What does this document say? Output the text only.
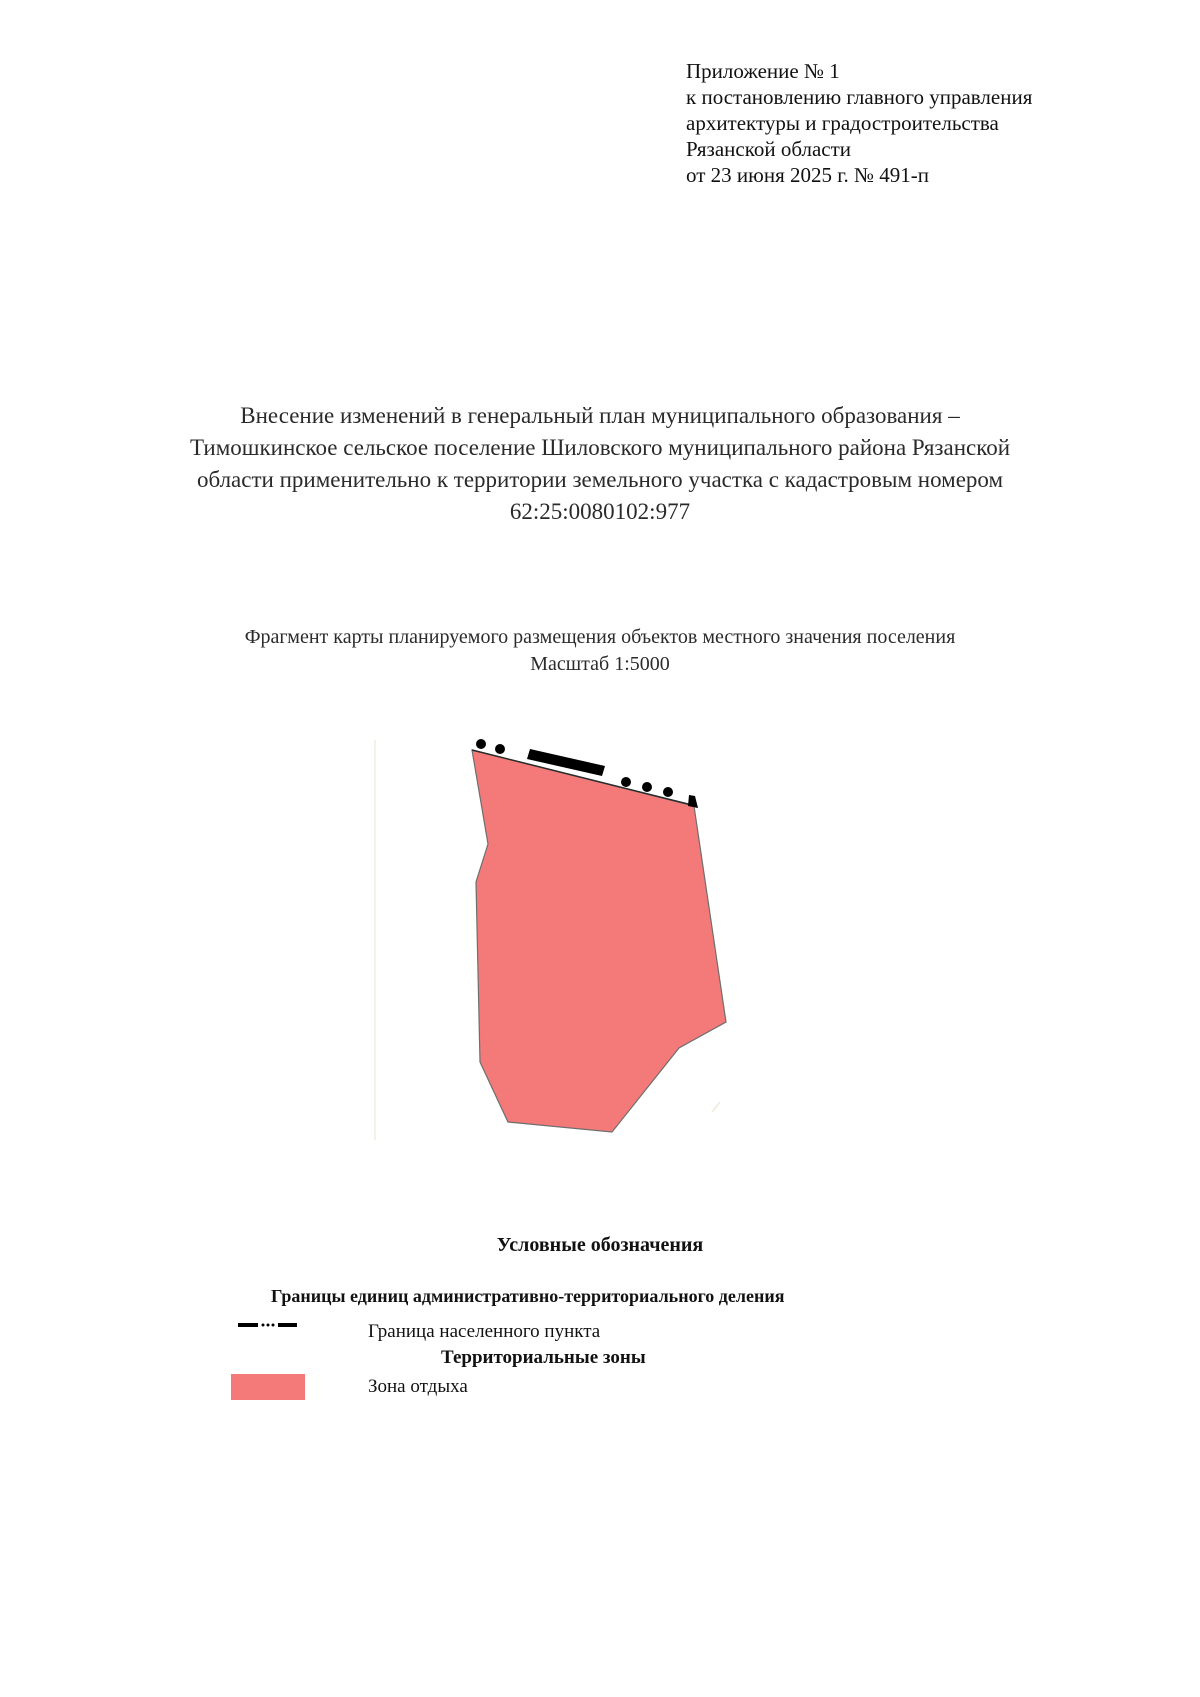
Приложение № 1
к постановлению главного управления
архитектуры и градостроительства
Рязанской области
от 23 июня 2025 г. № 491-п
Внесение изменений в генеральный план муниципального образования –
Тимошкинское сельское поселение Шиловского муниципального района Рязанской
области применительно к территории земельного участка с кадастровым номером
62:25:0080102:977
Фрагмент карты планируемого размещения объектов местного значения поселения
Масштаб 1:5000
Условные обозначения
Границы единиц административно-территориального деления
Граница населенного пункта
Территориальные зоны
Зона отдыха
